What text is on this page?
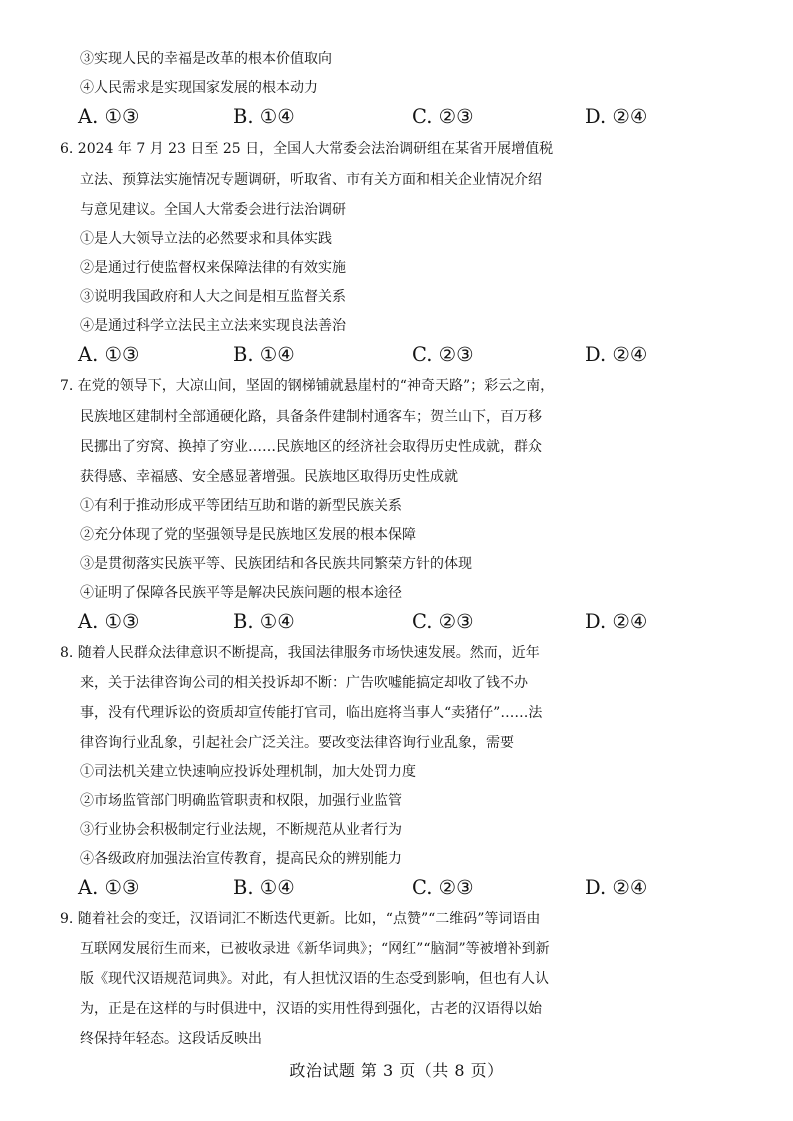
③实现人民的幸福是改革的根本价值取向
④人民需求是实现国家发展的根本动力
A. ①③	B. ①④	C. ②③	D. ②④
6. 2024 年 7 月 23 日至 25 日，全国人大常委会法治调研组在某省开展增值税
立法、预算法实施情况专题调研，听取省、市有关方面和相关企业情况介绍
与意见建议。全国人大常委会进行法治调研
①是人大领导立法的必然要求和具体实践
②是通过行使监督权来保障法律的有效实施
③说明我国政府和人大之间是相互监督关系
④是通过科学立法民主立法来实现良法善治
A. ①③	B. ①④	C. ②③	D. ②④
7. 在党的领导下，大凉山间，坚固的钢梯铺就悬崖村的“神奇天路”；彩云之南，
民族地区建制村全部通硬化路，具备条件建制村通客车；贺兰山下，百万移
民挪出了穷窝、换掉了穷业……民族地区的经济社会取得历史性成就，群众
获得感、幸福感、安全感显著增强。民族地区取得历史性成就
①有利于推动形成平等团结互助和谐的新型民族关系
②充分体现了党的坚强领导是民族地区发展的根本保障
③是贯彻落实民族平等、民族团结和各民族共同繁荣方针的体现
④证明了保障各民族平等是解决民族问题的根本途径
A. ①③	B. ①④	C. ②③	D. ②④
8. 随着人民群众法律意识不断提高，我国法律服务市场快速发展。然而，近年
来，关于法律咨询公司的相关投诉却不断：广告吹嘘能搞定却收了钱不办
事，没有代理诉讼的资质却宣传能打官司，临出庭将当事人“卖猪仔”……法
律咨询行业乱象，引起社会广泛关注。要改变法律咨询行业乱象，需要
①司法机关建立快速响应投诉处理机制，加大处罚力度
②市场监管部门明确监管职责和权限，加强行业监管
③行业协会积极制定行业法规，不断规范从业者行为
④各级政府加强法治宣传教育，提高民众的辨别能力
A. ①③	B. ①④	C. ②③	D. ②④
9. 随着社会的变迁，汉语词汇不断迭代更新。比如，“点赞”“二维码”等词语由
互联网发展衍生而来，已被收录进《新华词典》；“网红”“脑洞”等被增补到新
版《现代汉语规范词典》。对此，有人担忧汉语的生态受到影响，但也有人认
为，正是在这样的与时俱进中，汉语的实用性得到强化，古老的汉语得以始
终保持年轻态。这段话反映出
政治试题 第 3 页（共 8 页）
